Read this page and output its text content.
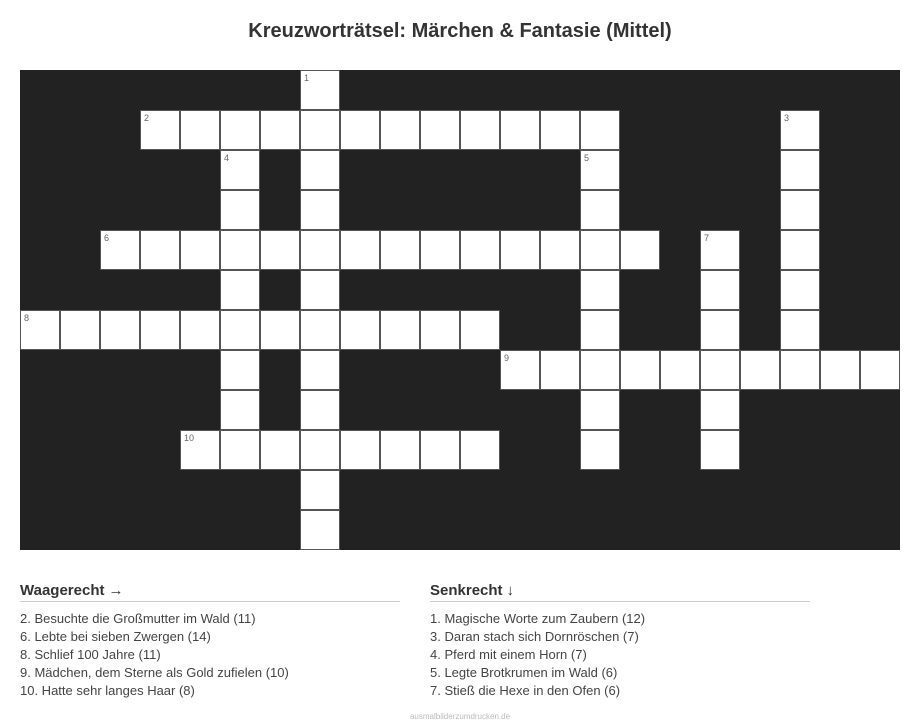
Kreuzworträtsel: Märchen & Fantasie (Mittel)
1
2	3
4	5
6	7
8
9
10
Waagerecht →
2. Besuchte die Großmutter im Wald (11)
6. Lebte bei sieben Zwergen (14)
8. Schlief 100 Jahre (11)
9. Mädchen, dem Sterne als Gold zufielen (10)
10. Hatte sehr langes Haar (8)
Senkrecht ↓
1. Magische Worte zum Zaubern (12)
3. Daran stach sich Dornröschen (7)
4. Pferd mit einem Horn (7)
5. Legte Brotkrumen im Wald (6)
7. Stieß die Hexe in den Ofen (6)
ausmalbilderzumdrucken.de
